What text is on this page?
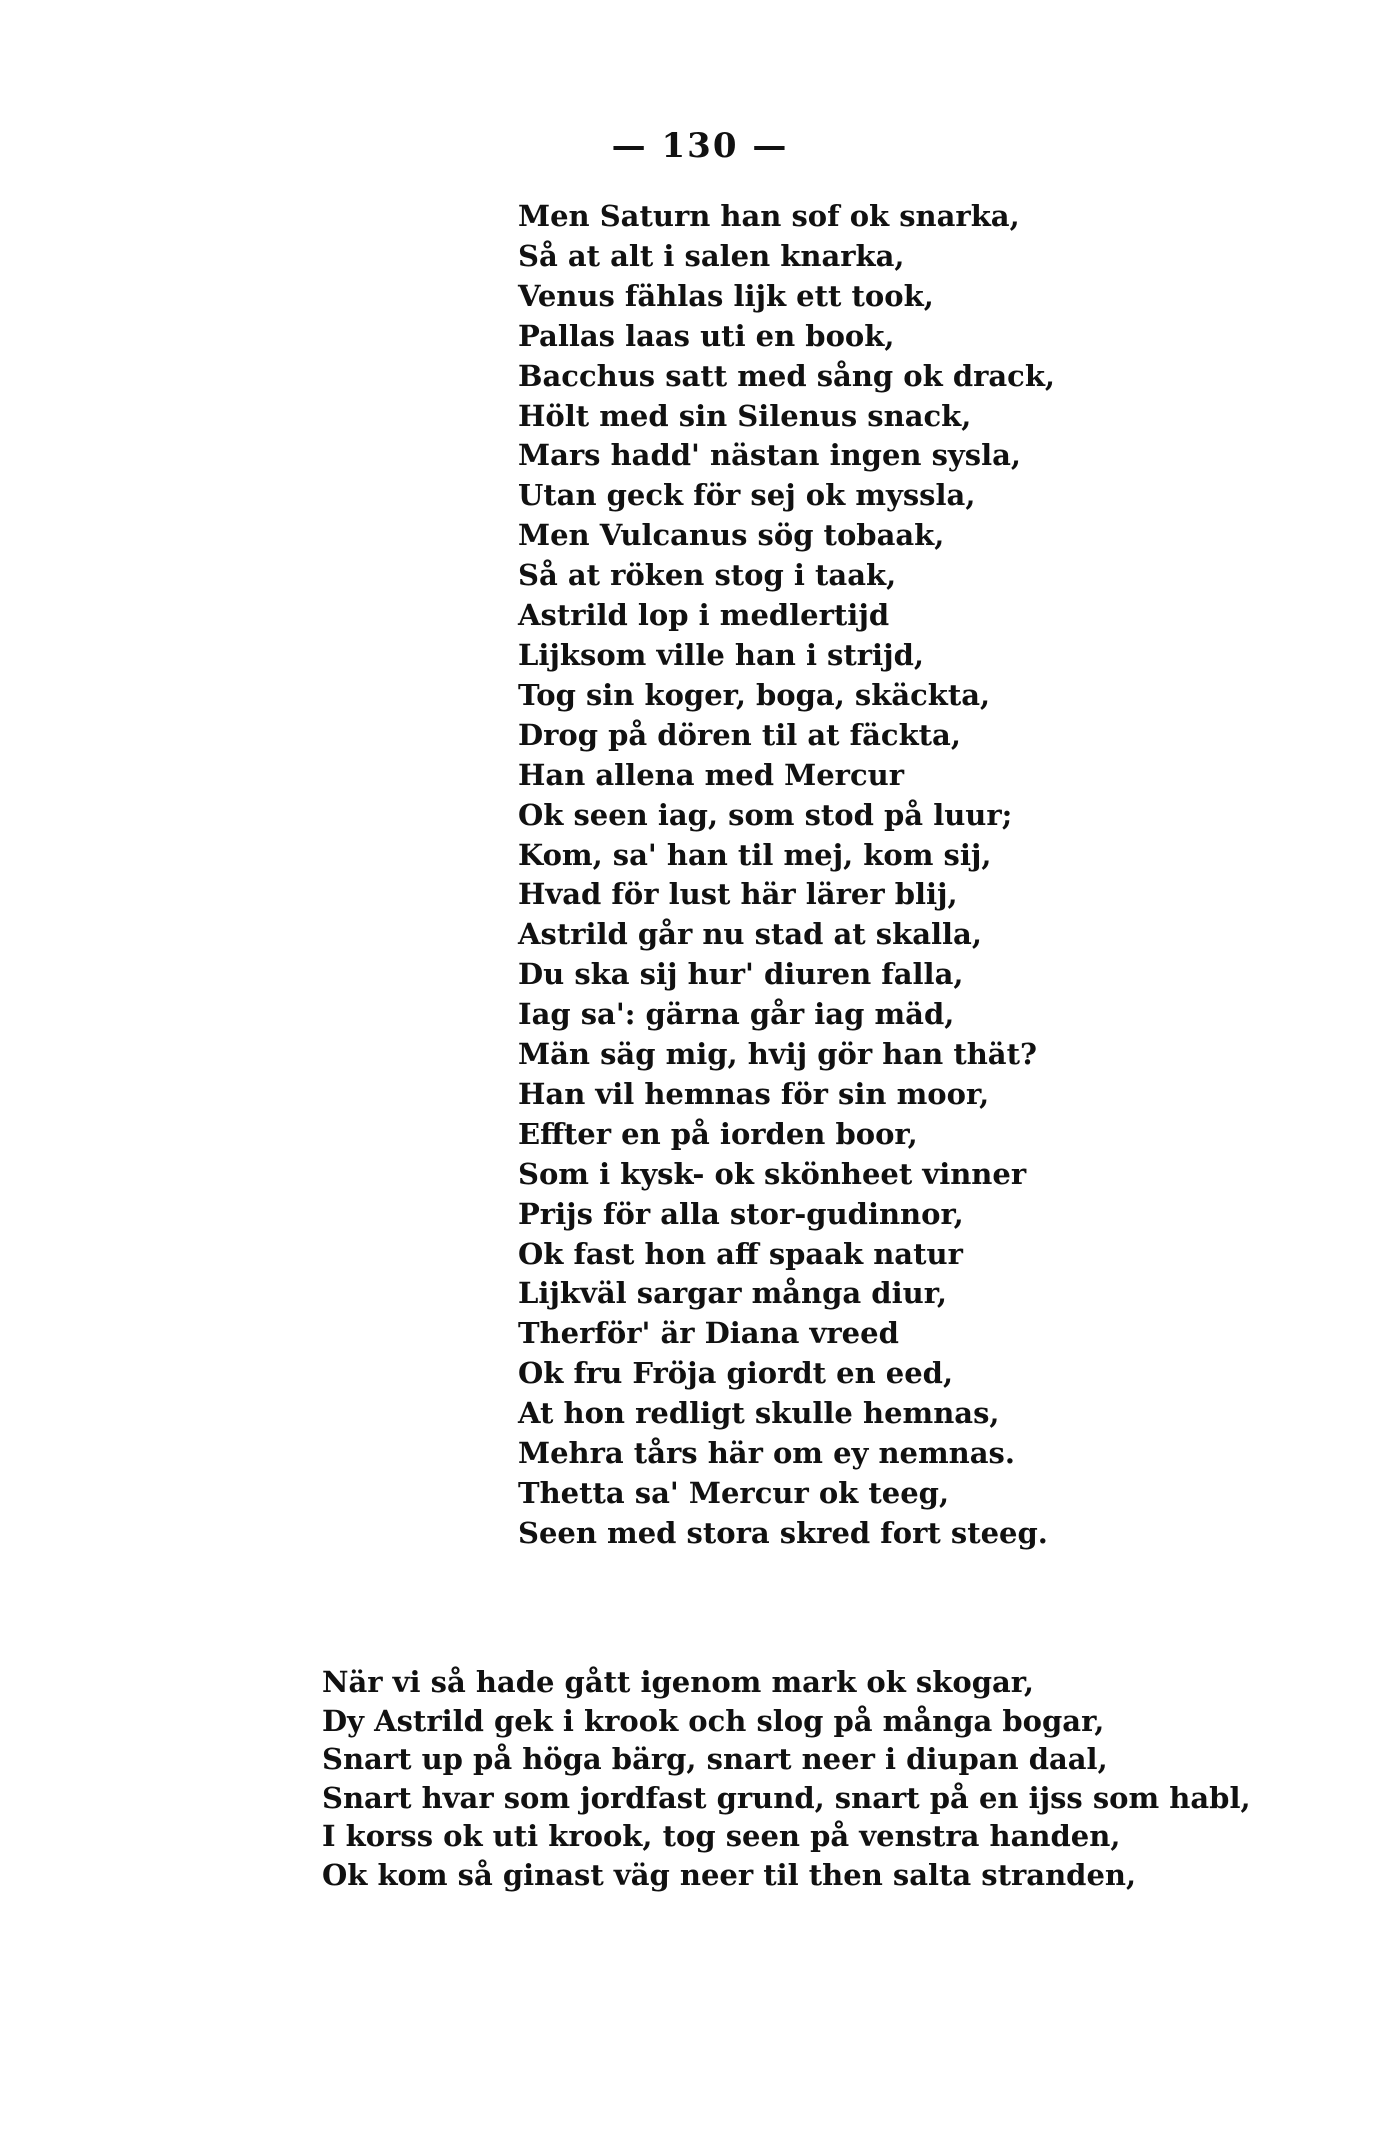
— 130 —
Men Saturn han sof ok snarka,
Så at alt i salen knarka,
Venus fählas lijk ett took,
Pallas laas uti en book,
Bacchus satt med sång ok drack,
Hölt med sin Silenus snack,
Mars hadd' nästan ingen sysla,
Utan geck för sej ok myssla,
Men Vulcanus sög tobaak,
Så at röken stog i taak,
Astrild lop i medlertijd
Lijksom ville han i strijd,
Tog sin koger, boga, skäckta,
Drog på dören til at fäckta,
Han allena med Mercur
Ok seen iag, som stod på luur;
Kom, sa' han til mej, kom sij,
Hvad för lust här lärer blij,
Astrild går nu stad at skalla,
Du ska sij hur' diuren falla,
Iag sa': gärna går iag mäd,
Män säg mig, hvij gör han thät?
Han vil hemnas för sin moor,
Effter en på iorden boor,
Som i kysk- ok skönheet vinner
Prijs för alla stor-gudinnor,
Ok fast hon aff spaak natur
Lijkväl sargar många diur,
Therför' är Diana vreed
Ok fru Fröja giordt en eed,
At hon redligt skulle hemnas,
Mehra tårs här om ey nemnas.
Thetta sa' Mercur ok teeg,
Seen med stora skred fort steeg.
När vi så hade gått igenom mark ok skogar,
Dy Astrild gek i krook och slog på många bogar,
Snart up på höga bärg, snart neer i diupan daal,
Snart hvar som jordfast grund, snart på en ijss som habl,
I korss ok uti krook, tog seen på venstra handen,
Ok kom så ginast väg neer til then salta stranden,
